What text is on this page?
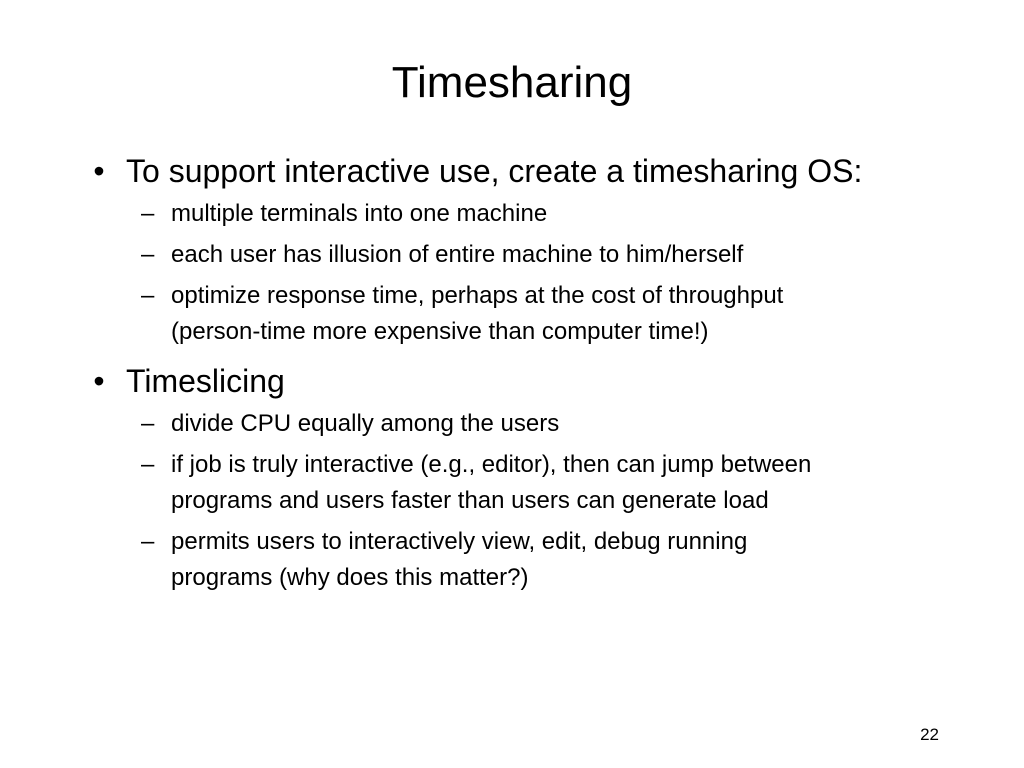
Timesharing
• To support interactive use, create a timesharing OS:
– multiple terminals into one machine
– each user has illusion of entire machine to him/herself
– optimize response time, perhaps at the cost of throughput
(person-time more expensive than computer time!)
• Timeslicing
– divide CPU equally among the users
– if job is truly interactive (e.g., editor), then can jump between
programs and users faster than users can generate load
– permits users to interactively view, edit, debug running
programs (why does this matter?)
22
